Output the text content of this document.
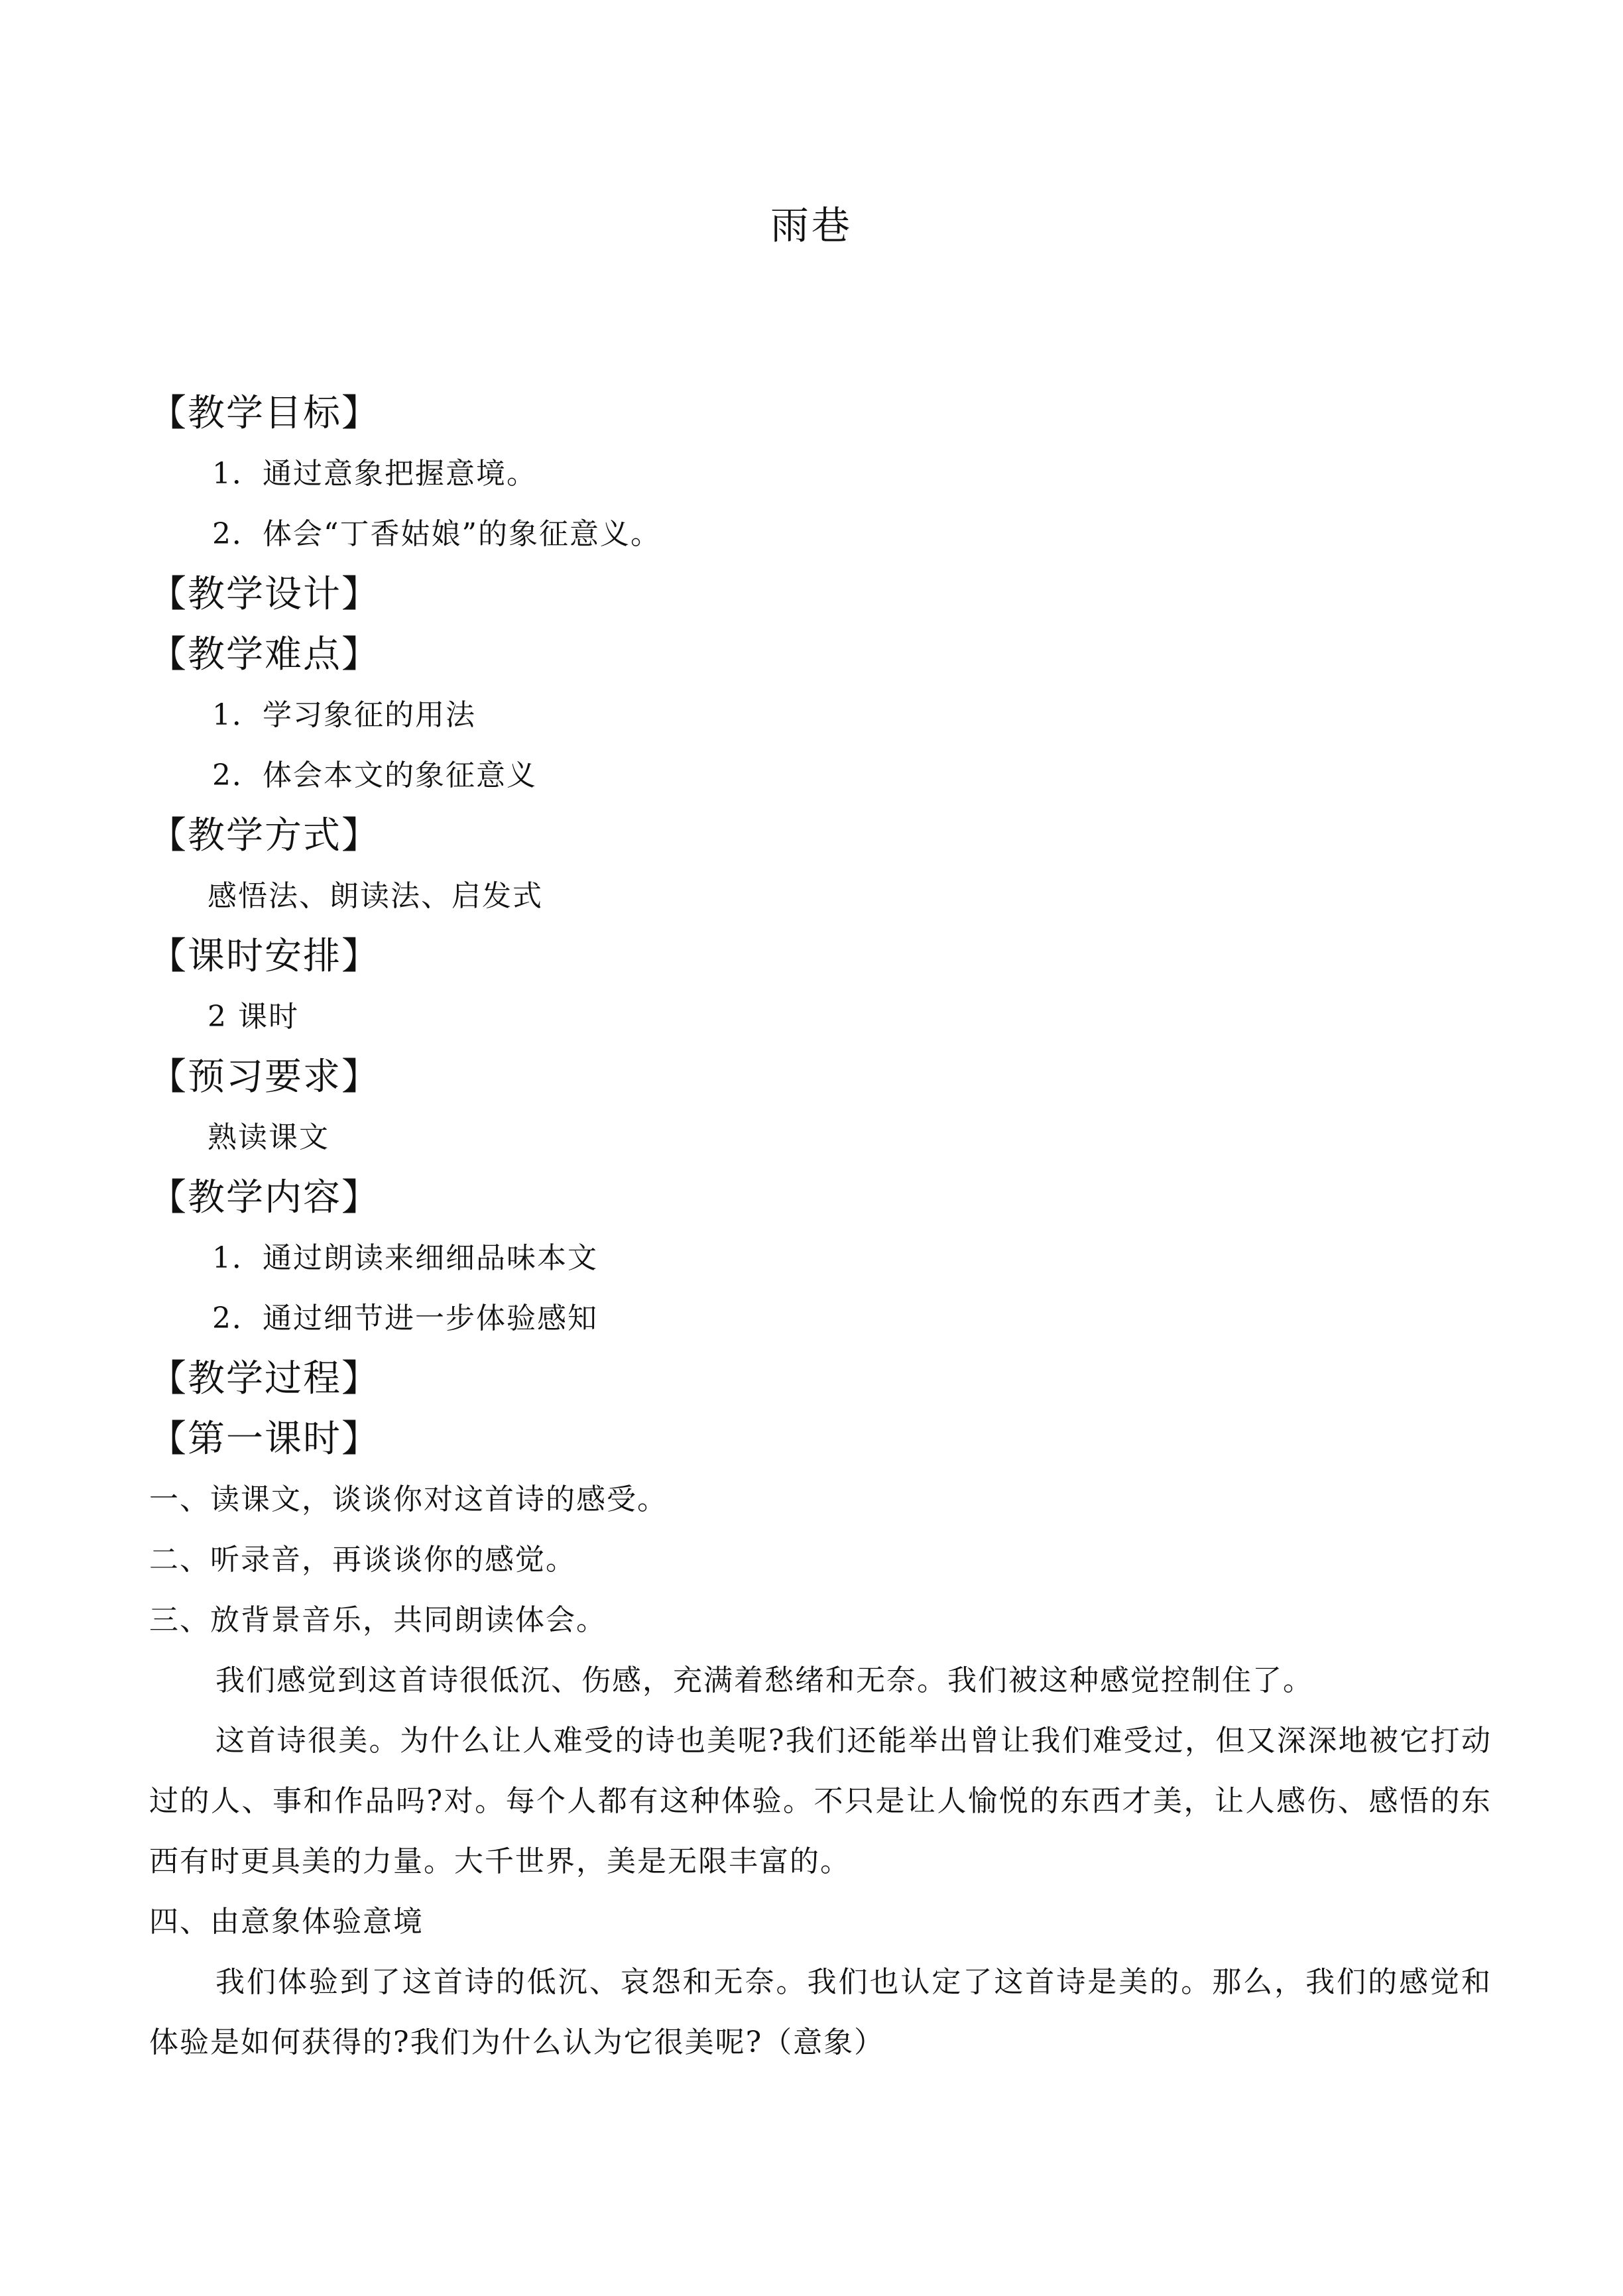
雨巷
【教学目标】
1．通过意象把握意境。
2．体会“丁香姑娘”的象征意义。
【教学设计】
【教学难点】
1．学习象征的用法
2．体会本文的象征意义
【教学方式】
感悟法、朗读法、启发式
【课时安排】
2 课时
【预习要求】
熟读课文
【教学内容】
1．通过朗读来细细品味本文
2．通过细节进一步体验感知
【教学过程】
【第一课时】
一、读课文，谈谈你对这首诗的感受。
二、听录音，再谈谈你的感觉。
三、放背景音乐，共同朗读体会。
我们感觉到这首诗很低沉、伤感，充满着愁绪和无奈。我们被这种感觉控制住了。
这首诗很美。为什么让人难受的诗也美呢?我们还能举出曾让我们难受过，但又深深地被它打动过的人、事和作品吗?对。每个人都有这种体验。不只是让人愉悦的东西才美，让人感伤、感悟的东西有时更具美的力量。大千世界，美是无限丰富的。
四、由意象体验意境
我们体验到了这首诗的低沉、哀怨和无奈。我们也认定了这首诗是美的。那么，我们的感觉和体验是如何获得的?我们为什么认为它很美呢?（意象）
